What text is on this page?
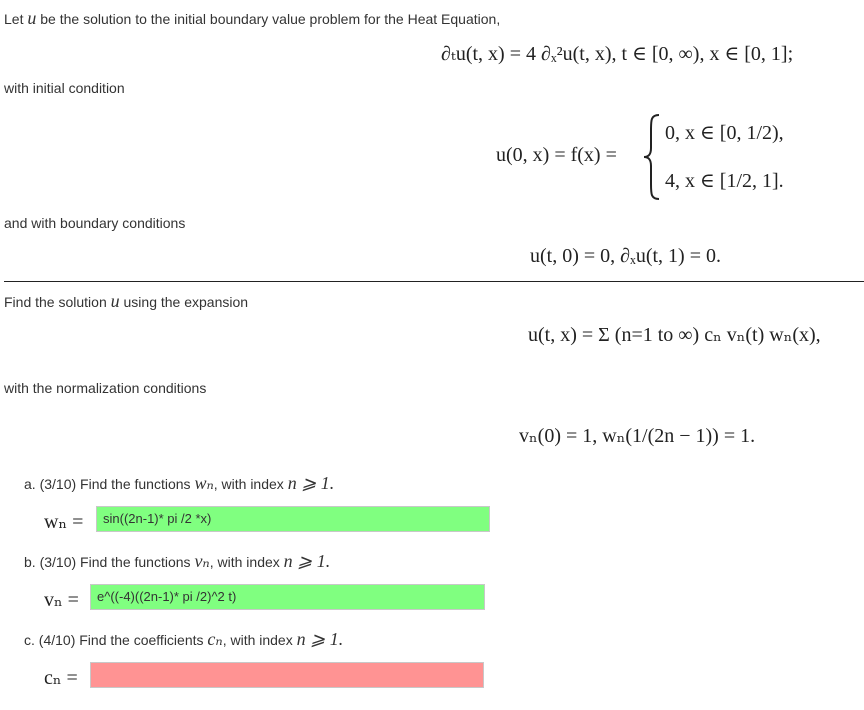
Let u be the solution to the initial boundary value problem for the Heat Equation,
∂ₜu(t, x) = 4 ∂ₓ²u(t, x), t ∈ [0, ∞), x ∈ [0, 1];
with initial condition
u(0, x) = f(x) =
0, x ∈ [0, 1/2),
4, x ∈ [1/2, 1].
and with boundary conditions
u(t, 0) = 0, ∂ₓu(t, 1) = 0.
Find the solution u using the expansion
u(t, x) = Σ (n=1 to ∞) cₙ vₙ(t) wₙ(x),
with the normalization conditions
vₙ(0) = 1, wₙ(1/(2n − 1)) = 1.
a. (3/10) Find the functions wₙ, with index n ⩾ 1.
wₙ =	sin((2n-1)* pi /2 *x)
b. (3/10) Find the functions vₙ, with index n ⩾ 1.
vₙ =	e^((-4)((2n-1)* pi /2)^2 t)
c. (4/10) Find the coefficients cₙ, with index n ⩾ 1.
cₙ =
